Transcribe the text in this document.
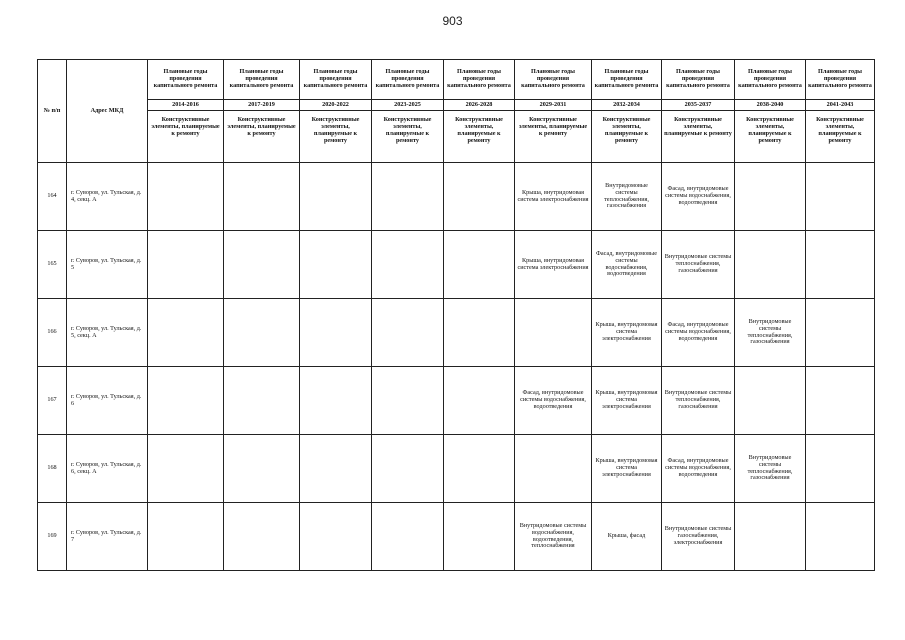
903
№ п/п	Адрес МКД	Плановые годы проведения капитального ремонта	Плановые годы проведения капитального ремонта	Плановые годы проведения капитального ремонта	Плановые годы проведения капитального ремонта	Плановые годы проведения капитального ремонта	Плановые годы проведения капитального ремонта	Плановые годы проведения капитального ремонта	Плановые годы проведения капитального ремонта	Плановые годы проведения капитального ремонта	Плановые годы проведения капитального ремонта
		2014-2016	2017-2019	2020-2022	2023-2025	2026-2028	2029-2031	2032-2034	2035-2037	2038-2040	2041-2043
		Конструктивные элементы, планируемые к ремонту	Конструктивные элементы, планируемые к ремонту	Конструктивные элементы, планируемые к ремонту	Конструктивные элементы, планируемые к ремонту	Конструктивные элементы, планируемые к ремонту	Конструктивные элементы, планируемые к ремонту	Конструктивные элементы, планируемые к ремонту	Конструктивные элементы, планируемые к ремонту	Конструктивные элементы, планируемые к ремонту	Конструктивные элементы, планируемые к ремонту
164	г. Суворов, ул. Тульская, д. 4, секц. А						Крыша, внутридомовая система электроснабжения	Внутридомовые системы теплоснабжения, газоснабжения	Фасад, внутридомовые системы водоснабжения, водоотведения		
165	г. Суворов, ул. Тульская, д. 5						Крыша, внутридомовая система электроснабжения	Фасад, внутридомовые системы водоснабжения, водоотведения	Внутридомовые системы теплоснабжения, газоснабжения		
166	г. Суворов, ул. Тульская, д. 5, секц. А							Крыша, внутридомовая система электроснабжения	Фасад, внутридомовые системы водоснабжения, водоотведения	Внутридомовые системы теплоснабжения, газоснабжения	
167	г. Суворов, ул. Тульская, д. 6						Фасад, внутридомовые системы водоснабжения, водоотведения	Крыша, внутридомовая система электроснабжения	Внутридомовые системы теплоснабжения, газоснабжения		
168	г. Суворов, ул. Тульская, д. 6, секц. А							Крыша, внутридомовая система электроснабжения	Фасад, внутридомовые системы водоснабжения, водоотведения	Внутридомовые системы теплоснабжения, газоснабжения	
169	г. Суворов, ул. Тульская, д. 7						Внутридомовые системы водоснабжения, водоотведения, теплоснабжения	Крыша, фасад	Внутридомовые системы газоснабжения, электроснабжения		
